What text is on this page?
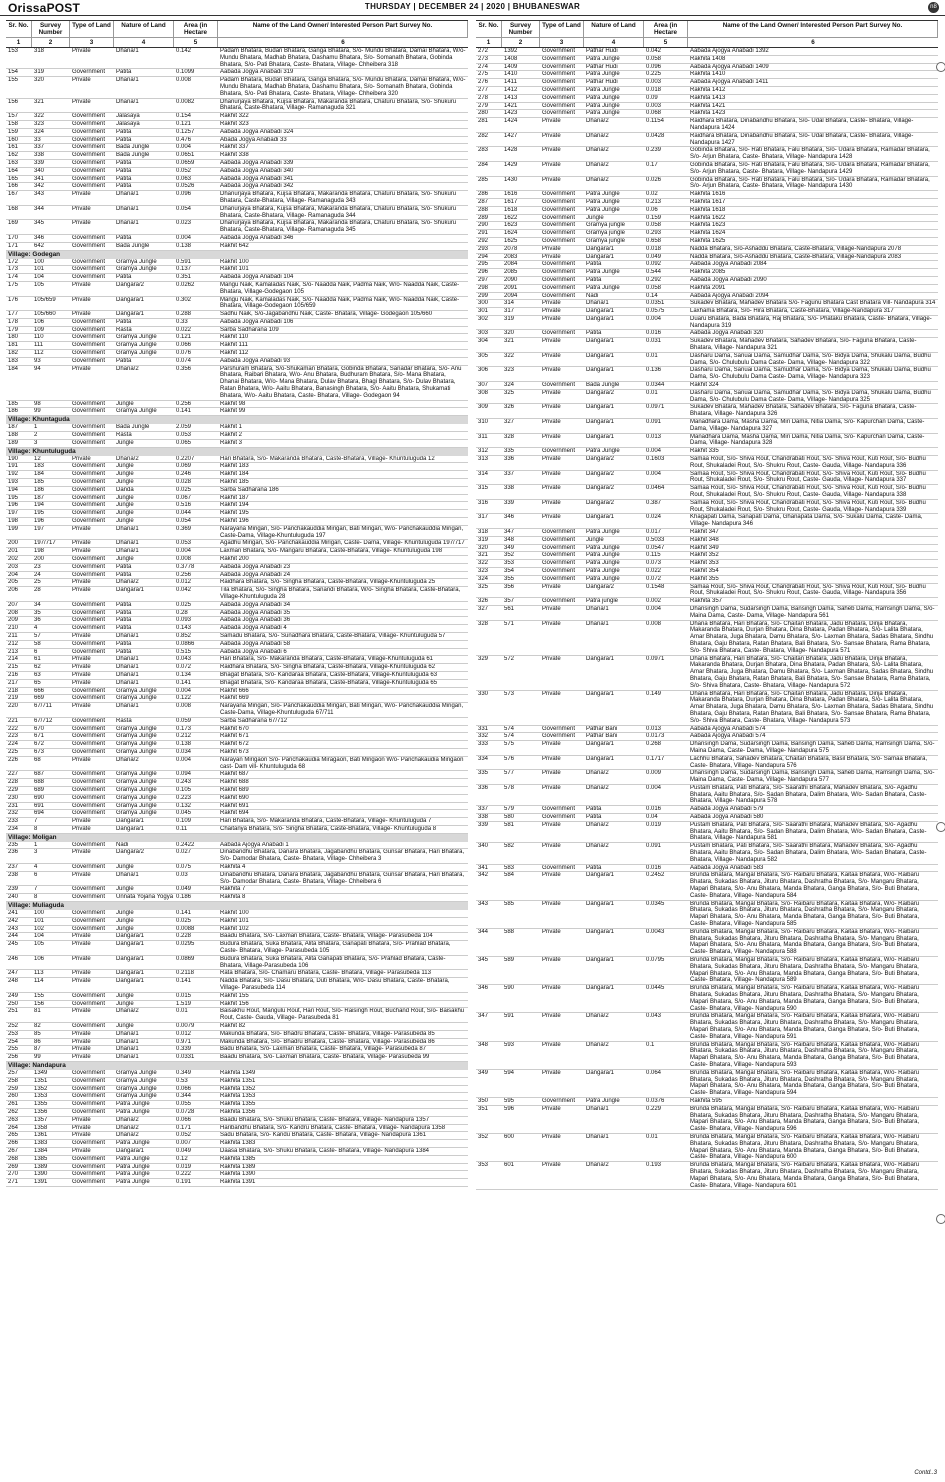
OrissaPOST	THURSDAY | DECEMBER 24 | 2020 | BHUBANESWAR	n8
Sr. No.	Survey Number
Type of Land	Nature of Land	Area (in Hectare
Name of the Land Owner/ Interested Person Part Survey No.
1	2	3	4	5	6
153	318	Private	Dhana/1	0.142	Padam Bhatara, Budan Bhatara, Ganga Bhatara, S/o- Mundu Bhatara, Damai Bhatara, W/o- Mundu Bhatara, Madhab Bhatara, Dashamu Bhatara, S/o- Somanath Bhatara, Gobinda Bhatara, S/o- Pati Bhatara, Caste- Bhatara, Village- Chheibera 318
154	319	Government	Patita	0.1099	Aabada Jogya Anabadi 319
155	320	Private	Dhana/1	0.008	Padam Bhatara, Budan Bhatara, Ganga Bhatara, S/o- Mundu Bhatara, Damai Bhatara, W/o- Mundu Bhatara, Madhab Bhatara, Dashamu Bhatara, S/o- Somanath Bhatara, Gobinda Bhatara, S/o- Pati Bhatara, Caste- Bhatara, Village- Chheibera 320
156	321	Private	Dhana/1	0.0082	Dhanurjaya Bhatara, Kujsa Bhatara, Makaranda Bhatara, Chaturu Bhatara, S/o- Shukuru Bhatara, Caste-Bhatara, Village- Ramanaguda 321
157	322	Government	Jalasaya	0.154	Rakhit 322
158	323	Government	Jalasaya	0.121	Rakhit 323
159	324	Government	Patita	0.1257	Aabada Jogya Anabadi 324
160	33	Government	Patita	0.476	Abada Jogya Anabadi 33
161	337	Government	Bada Jungle	0.004	Rakhit 337
162	338	Government	Bada Jungle	0.0651	Rakhit 338
163	339	Government	Patita	0.0659	Aabada Jogya Anabadi 339
164	340	Government	Patita	0.052	Aabada Jogya Anabadi 340
165	341	Government	Patita	0.063	Aabada Jogya Anabadi 341
166	342	Government	Patita	0.0526	Aabada Jogya Anabadi 342
167	343	Private	Dhana/1	0.096	Dhanurjaya Bhatara, Kujsa Bhatara, Makaranda Bhatara, Chaturu Bhatara, S/o- Shukuru Bhatara, Caste-Bhatara, Village- Ramanaguda 343
168	344	Private	Dhana/1	0.054	Dhanurjaya Bhatara, Kujsa Bhatara, Makaranda Bhatara, Chaturu Bhatara, S/o- Shukuru Bhatara, Caste-Bhatara, Village- Ramanaguda 344
169	345	Private	Dhana/1	0.023	Dhanurjaya Bhatara, Kujsa Bhatara, Makaranda Bhatara, Chaturu Bhatara, S/o- Shukuru Bhatara, Caste-Bhatara, Village- Ramanaguda 345
170	346	Government	Patita	0.004	Aabada Jogya Anabadi 346
171	642	Government	Bada Jungle	0.138	Rakhit 642
Village: Godegan
172	100	Government	Gramya Jungle	0.591	Rakhit 100
173	101	Government	Gramya Jungle	0.137	Rakhit 101
174	104	Government	Patita	0.351	Aabada Jogya Anabadi 104
175	105	Private	Dangara/2	0.0262	Mangu Naik, Kamaladas Naik, S/o- Naadda Naik, Padma Naik, W/o- Naadda Naik, Caste-Bhatara, Village-Godegaon 105
176	105/659	Private	Dangara/1	0.302	Mangu Naik, Kamaladas Naik, S/o- Naadda Naik, Padma Naik, W/o- Naadda Naik, Caste-Bhatara, Village-Godegaon 105/659
177	105/660	Private	Dangara/1	0.288	Sadhu Naik, S/o-Jagabandhu Naik, Caste- Bhatara, Village- Godegaon 105/660
178	106	Government	Patita	0.33	Aabada Jogya Anabadi 106
179	109	Government	Rasta	0.022	Sarba Sadharana 109
180	110	Government	Gramya Jungle	0.121	Rakhit 110
181	111	Government	Gramya Jungle	0.066	Rakhit 111
182	112	Government	Gramya Jungle	0.076	Rakhit 112
183	93	Government	Patita	0.074	Aabada Jogya Anabadi 93
184	94	Private	Dhana/2	0.356	Parshuram Bhatara, S/o-Shukaman Bhatara, Gobinda Bhatara, Sanadar Bhatara, S/o- Anu Bhatara, Raibari Bhatara, W/o- Anu Bhatara, Budhuram Bhatara, S/o- Mana Bhatara, Dhanai Bhatara, W/o- Mana Bhatara, Dulav Bhatara, Bhagi Bhatara, S/o- Dulav Bhatara, Ratan Bhatara, W/o- Aaitu Bhatara, Banasingh Bhatara, S/o- Aaitu Bhatara, Shukamati Bhatara, W/o- Aaitu Bhatara, Caste- Bhatara, Village- Godegaon 94
185	98	Government	Jungle	0.256	Rakhit 98
186	99	Government	Gramya Jungle	0.141	Rakhit 99
Village: Khuntaguda
187	1	Government	Bada Jungle	2.059	Rakhit 1
188	2	Government	Rasta	0.053	Rakhit 2
189	3	Government	Jungle	0.065	Rakhit 3
Village: Khuntuluguda
190	12	Private	Dhana/2	0.2207	Hari Bhatara, S/o- Makaranda Bhatara, Caste-Bhatara, Village- Khuntuluguda 12
191	183	Government	Jungle	0.069	Rakhit 183
192	184	Government	Jungle	0.246	Rakhit 184
193	185	Government	Jungle	0.028	Rakhit 185
194	186	Government	Danda	0.025	Sarba Sadharana 186
195	187	Government	Jungle	0.067	Rakhit 187
196	194	Government	Jungle	0.516	Rakhit 194
197	195	Government	Jungle	0.044	Rakhit 195
198	196	Government	Jungle	0.054	Rakhit 196
199	197	Private	Dhana/1	0.369	Narayana Mirigan, S/o- Panchakauddia Mirigan, Bati Mirigan, W/o- Panchakauddia Mirigan, Caste-Dama, Village-Khuntuluguda 197
200	197/717	Private	Dhana/1	0.053	Agadhu Mirigan, S/o- Panchakauddia Mirigan, Caste- Dama, Village- Khuntuluguda 197/717
201	198	Private	Dhana/1	0.004	Laxman Bhatara, S/o- Mangaru Bhatara, Caste-Bhatara, Village- Khuntuluguda 198
202	200	Government	Jungle	0.008	Rakhit 200
203	23	Government	Patita	0.3778	Aabada Jogya Anabadi 23
204	24	Government	Patita	0.256	Aabada Jogya Anabadi 24
205	25	Private	Dhana/2	0.012	Raidhara Bhatara, S/o- Singha Bhatara, Caste-Bhatara, Village-Khuntuluguda 25
206	28	Private	Dangara/1	0.042	Tila Bhatara, S/o- Singha Bhatara, Sanandi Bhatara, W/o- Singha Bhatara, Caste-Bhatara, Village-Khuntuluguda 28
207	34	Government	Patita	0.025	Aabada Jogya Anabadi 34
208	35	Government	Patita	0.28	Aabada Jogya Anabadi 35
209	36	Government	Patita	0.093	Aabada Jogya Anabadi 36
210	4	Government	Patita	0.143	Aabada Jogya Anabadi 4
211	57	Private	Dhana/1	0.852	Samadu Bhatara, S/o- Sunadhara Bhatara, Caste-Bhatara, Village- Khuntuluguda 57
212	58	Government	Patita	0.0866	Aabada Jogya Anabadi 58
213	6	Government	Patita	0.515	Aabada Jogya Anabadi 6
214	61	Private	Dhana/1	0.043	Hari Bhatara, S/o- Makaranda Bhatara, Caste-Bhatara, Village-Khuntuluguda 61
215	62	Private	Dhana/1	0.072	Raidhara Bhatara, S/o- Singha Bhatara, Caste-Bhatara, Village-Khuntuluguda 62
216	63	Private	Dhana/1	0.134	Bhagat Bhatara, S/o- Kandaraa Bhatara, Caste-Bhatara, Village-Khuntuluguda 63
217	65	Private	Dhana/1	0.141	Bhagat Bhatara, S/o- Kandaraa Bhatara, Caste-Bhatara, Village-Khuntuluguda 65
218	666	Government	Gramya Jungle	0.004	Rakhit 666
219	669	Government	Gramya Jungle	0.122	Rakhit 669
220	67/711	Private	Dhana/1	0.008	Narayana Mirigan, S/o- Panchakauddia Mirigan, Bati Mirigan, W/o- Panchakauddia Mirigan, Caste-Dama, Village-Khuntuluguda 67/711
221	67/712	Government	Rasta	0.059	Sarba Sadharana 67/712
222	670	Government	Gramya Jungle	0.173	Rakhit 670
223	671	Government	Gramya Jungle	0.212	Rakhit 671
224	672	Government	Gramya Jungle	0.138	Rakhit 672
225	673	Government	Gramya Jungle	0.034	Rakhit 673
226	68	Private	Dhana/2	0.004	Narayan Mirigaon S/o- Panchakaudia Miragaon, Bati Mirigaon W/o- Panchakaudia Mirigaon cast- Dam vill- Khuntuluguda 68
227	687	Government	Gramya Jungle	0.094	Rakhit 687
228	688	Government	Gramya Jungle	0.243	Rakhit 688
229	689	Government	Gramya Jungle	0.105	Rakhit 689
230	690	Government	Gramya Jungle	0.223	Rakhit 690
231	691	Government	Gramya Jungle	0.132	Rakhit 691
232	694	Government	Gramya Jungle	0.045	Rakhit 694
233	7	Private	Dangara/1	0.109	Hari Bhatara, S/o- Makaranda Bhatara, Caste-Bhatara, Village- Khuntuluguda 7
234	8	Private	Dangara/1	0.11	Chaitanya Bhatara, S/o- Singha Bhatara, Caste-Bhatara, Village- Khuntuluguda 8
Village: Moligan
235	1	Government	Nadi	0.2422	Aabada Ajogya Anabadi 1
236	3	Private	Dangara/2	0.027	Dinabandhu Bhatara, Danara Bhatara, Jagabandhu Bhatara, Gunsar Bhatara, Hari Bhatara, S/o- Damodar Bhatara, Caste- Bhatara, Village- Chheibera 3
237	4	Government	Jungle	0.075	Rakhita 4
238	6	Private	Dhana/1	0.03	Dinabandhu Bhatara, Danara Bhatara, Jagabandhu Bhatara, Gunsar Bhatara, Hari Bhatara, S/o- Damodar Bhatara, Caste- Bhatara, Village- Chheibera 6
239	7	Government	Jungle	0.049	Rakhita 7
240	8	Government	Unnata Yojana Yogya 0.186	Rakhita 8
Village: Muliaguda
241	100	Government	Jungle	0.141	Rakhit 100
242	101	Government	Jungle	0.025	Rakhit 101
243	102	Government	Jungle	0.0088	Rakhit 102
244	104	Private	Dangara/1	0.228	Baadu Bhatara, S/o- Laxman Bhatara, Caste- Bhatara, Village- Parasubeda 104
245	105	Private	Dangara/1	0.0295	Budura Bhatara, Suka Bhatara, Alita Bhatara, Ganapati Bhatara, S/o- Prahlad Bhatara, Caste- Bhatara, Village- Parasubeda 105
246	106	Private	Dangara/1	0.0869	Budura Bhatara, Suka Bhatara, Alita Ganapati Bhatara, S/o- Prahlad Bhatara, Caste- Bhatara, Village-Parasubeda 106
247	113	Private	Dangara/1	0.2118	Rata Bhatara, S/o- Chamaru Bhatara, Caste- Bhatara, Village- Parasubeda 113
248	114	Private	Dangara/1	0.141	Nadda Bhatara, S/o- Dasu Bhatara, Duti Bhatara, W/o- Dasu Bhatara, Caste- Bhatara, Village- Parasubeda 114
249	155	Government	Jungle	0.015	Rakhit 155
250	156	Government	Jungle	1.519	Rakhit 156
251	81	Private	Dhana/2	0.01	Baisakhu Rout, Mangulu Rout, Hari Rout, S/o- Raisingh Rout, Buchand Rout, S/o- Baisakhu Rout, Caste- Gauda, Village- Parasubeda 81
252	82	Government	Jungle	0.0079	Rakhit 82
253	85	Private	Dhana/1	0.012	Makunda Bhatara, S/o- Bhadru Bhatara, Caste- Bhatara, Village- Parasubeda 85
254	86	Private	Dhana/1	0.971	Makunda Bhatara, S/o- Bhadru Bhatara, Caste- Bhatara, Village- Parasubeda 86
255	87	Private	Dhana/1	0.339	Badu Bhatara, S/o- Laxman Bhatara, Caste- Bhatara, Village- Parasubeda 87
256	99	Private	Dhana/1	0.0331	Baadu Bhatara, S/o- Laxman Bhatara, Caste- Bhatara, Village- Parasubeda 99
Village: Nandapura
257	1349	Government	Gramya Jungle	0.349	Rakhita 1349
258	1351	Government	Gramya Jungle	0.53	Rakhita 1351
259	1352	Government	Gramya Jungle	0.066	Rakhita 1352
260	1353	Government	Gramya Jungle	0.344	Rakhita 1353
261	1355	Government	Patra Jungle	0.055	Rakhita 1355
262	1356	Government	Patra Jungle	0.0728	Rakhita 1356
263	1357	Private	Dhana/2	0.066	Baadu Bhatara, S/o- Shuku Bhatara, Caste- Bhatara, Village- Nandapura 1357
264	1358	Private	Dhana/2	0.171	Haribandhu Bhatara, S/o- Kandru Bhatara, Caste- Bhatara, Village- Nandapura 1358
265	1361	Private	Dhana/2	0.052	Sadu Bhatara, S/o- Kandu Bhatara, Caste- Bhatara, Village- Nandapura 1361
266	1383	Government	Patra Jungle	0.007	Rakhita 1383
267	1384	Private	Dangara/1	0.049	Daasa Bhatara, S/o- Shuku Bhatara, Caste- Bhatara, Village- Nandapura 1384
268	1385	Government	Patra Jungle	0.12	Rakhita 1385
269	1389	Government	Patra Jungle	0.019	Rakhita 1389
270	1390	Government	Patra Jungle	0.222	Rakhita 1390
271	1391	Government	Patra Jungle	0.191	Rakhita 1391
Sr. No.	Survey Number
Type of Land	Nature of Land	Area (in Hectare
Name of the Land Owner/ Interested Person Part Survey No.
1	2	3	4	5	6
272	1392	Government	Pathar Hudi	0.042	Aabada Ajogya Anabadi 1392
273	1408	Government	Patra Jungle	0.058	Rakhita 1408
274	1409	Government	Pathar Hudi	0.096	Aabada Ajogya Anabadi 1409
275	1410	Government	Patra Jungle	0.225	Rakhita 1410
276	1411	Government	Pathar Hudi	0.003	Aabada Ajogya Anabadi 1411
277	1412	Government	Patra Jungle	0.018	Rakhita 1412
278	1413	Government	Patra Jungle	0.09	Rakhita 1413
279	1421	Government	Patra Jungle	0.003	Rakhita 1421
280	1423	Government	Patra Jungle	0.068	Rakhita 1423
281	1424	Private	Dhana/2	0.1154	Raidhara Bhatara, Dinabandhu Bhatara, S/o- Udal Bhatara, Caste- Bhatara, Village- Nandapura 1424
282	1427	Private	Dhana/2	0.0428	Raidhara Bhatara, Dinabandhu Bhatara, S/o- Udal Bhatara, Caste- Bhatara, Village- Nandapura 1427
283	1428	Private	Dhana/2	0.239	Gobinda Bhatara, S/o- Rati Bhatara, Falu Bhatara, S/o- Udara Bhatara, Ramadar Bhatara, S/o- Arjun Bhatara, Caste- Bhatara, Village- Nandapura 1428
284	1429	Private	Dhana/2	0.17	Gobinda Bhatara, S/o- Rati Bhatara, Falu Bhatara, S/o- Udara Bhatara, Ramadar Bhatara, S/o- Arjun Bhatara, Caste- Bhatara, Village- Nandapura 1429
285	1430	Private	Dhana/2	0.026	Gobinda Bhatara, S/o- Rati Bhatara, Falu Bhatara, S/o- Udara Bhatara, Ramadar Bhatara, S/o- Arjun Bhatara, Caste- Bhatara, Village- Nandapura 1430
286	1616	Government	Patra Jungle	0.02	Rakhita 1616
287	1617	Government	Patra Jungle	0.213	Rakhita 1617
288	1618	Government	Patra Jungle	0.06	Rakhita 1618
289	1622	Government	Jungle	0.159	Rakhita 1622
290	1623	Government	Gramya jungle	0.058	Rakhita 1623
291	1624	Government	Gramya jungle	0.293	Rakhita 1624
292	1625	Government	Gramya jungle	0.658	Rakhita 1625
293	2078	Private	Dangara/1	0.018	Nadda Bhatara, S/o-Ashaddu Bhatara, Caste-Bhatara, Village-Nandapura 2078
294	2083	Private	Dangara/1	0.049	Nadda Bhatara, S/o-Ashaddu Bhatara, Caste-Bhatara, Village-Nandapura 2083
295	2084	Government	Patita	0.092	Aabada Jogya Anabadi 2084
296	2085	Government	Patra Jungle	0.544	Rakhita 2085
297	2090	Government	Patita	0.292	Aabada Jogya Anabadi 2090
298	2091	Government	Patra Jungle	0.058	Rakhita 2091
299	2094	Government	Nadi	0.14	Aabada Ajogya Anabadi 2094
300	314	Private	Dhana/1	0.0351	Sukadev Bhatara, Mahadev Bhatara S/o- Fagunu Bhatara Cast Bhatara Vill- Nandapura 314
301	317	Private	Dangara/1	0.0575	Laxhama Bhatara, S/o- Hira Bhatara, Caste-Bhatara, Village-Nandapura 317
302	319	Private	Dangara/1	0.004	Duaru Bhatara, Bada Bhatara, Raj Bhatara, S/o- Phataku Bhatara, Caste- Bhatara, Village- Nandapura 319
303	320	Government	Patita	0.016	Aabada Jogya Anabadi 320
304	321	Private	Dangara/1	0.031	Sukadev Bhatara, Mahadev Bhatara, Sahadev Bhatara, S/o- Faguna Bhatara, Caste- Bhatara, Village- Nandapura 321
305	322	Private	Dangara/1	0.01	Dasharu Dama, Sanuai Dama, Samudhar Dama, S/o- Bidya Dama, Shukalu Dama, Budhu Dama, S/o- Chulubulu Dama Caste- Dama, Village- Nandapura 322
306	323	Private	Dangara/1	0.136	Dasharu Dama, Sanuai Dama, Samudhar Dama, S/o- Bidya Dama, Shukalu Dama, Budhu Dama, S/o- Chulubulu Dama Caste- Dama, Village- Nandapura 323
307	324	Government	Bada Jungle	0.0344	Rakhit 324
308	325	Private	Dangara/2	0.01	Dasharu Dama, Sanuai Dama, Samudhar Dama, S/o- Bidya Dama, Shukalu Dama, Budhu Dama, S/o- Chulubulu Dama Caste- Dama, Village- Nandapura 325
309	326	Private	Dangara/1	0.0971	Sukadev Bhatara, Mahadev Bhatara, Sahadev Bhatara, S/o- Faguna Bhatara, Caste- Bhatara, Village- Nandapura 326
310	327	Private	Dangara/1	0.091	Manadhara Dama, Masha Dama, Miri Dama, Nitia Dama, S/o- Kapurchan Dama, Caste- Dama, Village- Nandapura 327
311	328	Private	Dangara/1	0.013	Manadhara Dama, Masha Dama, Miri Dama, Nitia Dama, S/o- Kapurchan Dama, Caste- Dama, Village- Nandapura 328
312	335	Government	Patra Jungle	0.004	Rakhit 335
313	336	Private	Dangara/2	0.1603	Samaa Rout, S/o- Shiva Rout, Chandrabati Rout, S/o- Shiva Rout, Kuti Rout, S/o- Budhu Rout, Shukaladei Rout, S/o- Shukru Rout, Caste- Gauda, Village- Nandapura 336
314	337	Private	Dangara/2	0.004	Samaa Rout, S/o- Shiva Rout, Chandrabati Rout, S/o- Shiva Rout, Kuti Rout, S/o- Budhu Rout, Shukaladei Rout, S/o- Shukru Rout, Caste- Gauda, Village- Nandapura 337
315	338	Private	Dangara/2	0.0464	Samaa Rout, S/o- Shiva Rout, Chandrabati Rout, S/o- Shiva Rout, Kuti Rout, S/o- Budhu Rout, Shukaladei Rout, S/o- Shukru Rout, Caste- Gauda, Village- Nandapura 338
316	339	Private	Dangara/2	0.387	Samaa Rout, S/o- Shiva Rout, Chandrabati Rout, S/o- Shiva Rout, Kuti Rout, S/o- Budhu Rout, Shukaladei Rout, S/o- Shukru Rout, Caste- Gauda, Village- Nandapura 339
317	346	Private	Dangara/1	0.024	Khagapati Dama, Sanapati Dama, Ghanapata Dama, S/o- Sukalu Dama, Caste- Dama, Village- Nandapura 346
318	347	Government	Patra Jungle	0.017	Rakhit 347
319	348	Government	Jungle	0.5033	Rakhit 348
320	349	Government	Patra Jungle	0.0547	Rakhit 349
321	352	Government	Patra Jungle	0.115	Rakhit 352
322	353	Government	Patra Jungle	0.073	Rakhit 353
323	354	Government	Patra Jungle	0.022	Rakhit 354
324	355	Government	Patra Jungle	0.072	Rakhit 355
325	356	Private	Dangara/2	0.1548	Samaa Rout, S/o- Shiva Rout, Chandrabati Rout, S/o- Shiva Rout, Kuti Rout, S/o- Budhu Rout, Shukaladei Rout, S/o- Shukru Rout, Caste- Gauda, Village- Nandapura 356
326	357	Government	Patra jungle	0.002	Rakhita 357
327	561	Private	Dhana/1	0.004	Dhansingh Dama, Sudarsingh Dama, Bansingh Dama, Saheb Dama, Ramsingh Dama, S/o- Maina Dama, Caste- Dama, Village- Nandapura 561
328	571	Private	Dhana/1	0.008	Dhana Bhatara, Hari Bhatara, S/o- Chaitan Bhatara, Jadu Bhatara, Dirija Bhatara, Makaranda Bhatara, Durjan Bhatara, Dina Bhatara, Padan Bhatara, S/o- Lalita Bhatara, Amar Bhatara, Juga Bhatara, Damu Bhatara, S/o- Laxman Bhatara, Sadas Bhatara, Sindhu Bhatara, Gaju Bhatara, Ratan Bhatara, Bali Bhatara, S/o- Sansae Bhatara, Rama Bhatara, S/o- Shiva Bhatara, Caste- Bhatara, Village- Nandapura 571
329	572	Private	Dangara/1	0.0971	Dhana Bhatara, Hari Bhatara, S/o- Chaitan Bhatara, Jadu Bhatara, Dirija Bhatara, Makaranda Bhatara, Durjan Bhatara, Dina Bhatara, Padan Bhatara, S/o- Lalita Bhatara, Amar Bhatara, Juga Bhatara, Damu Bhatara, S/o- Laxman Bhatara, Sadas Bhatara, Sindhu Bhatara, Gaju Bhatara, Ratan Bhatara, Bali Bhatara, S/o- Sansae Bhatara, Rama Bhatara, S/o- Shiva Bhatara, Caste- Bhatara, Village- Nandapura 572
330	573	Private	Dangara/1	0.149	Dhana Bhatara, Hari Bhatara, S/o- Chaitan Bhatara, Jadu Bhatara, Dirija Bhatara, Makaranda Bhatara, Durjan Bhatara, Dina Bhatara, Padan Bhatara, S/o- Lalita Bhatara, Amar Bhatara, Juga Bhatara, Damu Bhatara, S/o- Laxman Bhatara, Sadas Bhatara, Sindhu Bhatara, Gaju Bhatara, Ratan Bhatara, Bali Bhatara, S/o- Sansae Bhatara, Rama Bhatara, S/o- Shiva Bhatara, Caste- Bhatara, Village- Nandapura 573
331	574	Government	Pathar Bani	0.013	Aabada Ajogya Anabadi 574
332	574	Government	Pathar Bani	0.0173	Aabada Ajogya Anabadi 574
333	575	Private	Dangara/1	0.268	Dhansingh Dama, Sudarsingh Dama, Bansingh Dama, Saheb Dama, Ramsingh Dama, S/o- Maina Dama, Caste- Dama, Village- Nandapura 575
334	576	Private	Dangara/1	0.1717	Lachhu Bhatara, Sahadev Bhatara, Chaitan Bhatara, Basil Bhatara, S/o- Samaa Bhatara, Caste- Bhatara, Village- Nandapura 576
335	577	Private	Dhana/2	0.009	Dhansingh Dama, Sudarsingh Dama, Bansingh Dama, Saheb Dama, Ramsingh Dama, S/o- Maina Dama, Caste- Dama, Village- Nandapura 577
336	578	Private	Dhana/2	0.004	Pustam Bhatara, Pati Bhatara, S/o- Saarathi Bhatara, Mahadev Bhatara, S/o- Agadhu Bhatara, Aaitu Bhatara, S/o- Sadan Bhatara, Dalim Bhatara, W/o- Sadan Bhatara, Caste- Bhatara, Village- Nandapura 578
337	579	Government	Patita	0.016	Aabada Jogya Anabadi 579
338	580	Government	Patita	0.04	Aabada Jogya Anabadi 580
339	581	Private	Dhana/2	0.019	Pustam Bhatara, Pati Bhatara, S/o- Saarathi Bhatara, Mahadev Bhatara, S/o- Agadhu Bhatara, Aaitu Bhatara, S/o- Sadan Bhatara, Dalim Bhatara, W/o- Sadan Bhatara, Caste- Bhatara, Village- Nandapura 581
340	582	Private	Dhana/2	0.091	Pustam Bhatara, Pati Bhatara, S/o- Saarathi Bhatara, Mahadev Bhatara, S/o- Agadhu Bhatara, Aaitu Bhatara, S/o- Sadan Bhatara, Dalim Bhatara, W/o- Sadan Bhatara, Caste- Bhatara, Village- Nandapura 582
341	583	Government	Patita	0.016	Aabada Jogya Anabadi 583
342	584	Private	Dangara/1	0.2452	Brunda Bhatara, Mangal Bhatara, S/o- Raibaru Bhatara, Kaitaa Bhatara, W/o- Raibaru Bhatara, Sukadas Bhatara, Jituru Bhatara, Dashratha Bhatara, S/o- Mangaru Bhatara, Mapari Bhatara, S/o- Anu Bhatara, Manda Bhatara, Ganga Bhatara, S/o- Buti Bhatara, Caste- Bhatara, Village- Nandapura 584
343	585	Private	Dangara/1	0.0345	Brunda Bhatara, Mangal Bhatara, S/o- Raibaru Bhatara, Kaitaa Bhatara, W/o- Raibaru Bhatara, Sukadas Bhatara, Jituru Bhatara, Dashratha Bhatara, S/o- Mangaru Bhatara, Mapari Bhatara, S/o- Anu Bhatara, Manda Bhatara, Ganga Bhatara, S/o- Buti Bhatara, Caste- Bhatara, Village- Nandapura 585
344	588	Private	Dangara/1	0.0043	Brunda Bhatara, Mangal Bhatara, S/o- Raibaru Bhatara, Kaitaa Bhatara, W/o- Raibaru Bhatara, Sukadas Bhatara, Jituru Bhatara, Dashratha Bhatara, S/o- Mangaru Bhatara, Mapari Bhatara, S/o- Anu Bhatara, Manda Bhatara, Ganga Bhatara, S/o- Buti Bhatara, Caste- Bhatara, Village- Nandapura 588
345	589	Private	Dangara/1	0.0795	Brunda Bhatara, Mangal Bhatara, S/o- Raibaru Bhatara, Kaitaa Bhatara, W/o- Raibaru Bhatara, Sukadas Bhatara, Jituru Bhatara, Dashratha Bhatara, S/o- Mangaru Bhatara, Mapari Bhatara, S/o- Anu Bhatara, Manda Bhatara, Ganga Bhatara, S/o- Buti Bhatara, Caste- Bhatara, Village- Nandapura 589
346	590	Private	Dangara/1	0.0445	Brunda Bhatara, Mangal Bhatara, S/o- Raibaru Bhatara, Kaitaa Bhatara, W/o- Raibaru Bhatara, Sukadas Bhatara, Jituru Bhatara, Dashratha Bhatara, S/o- Mangaru Bhatara, Mapari Bhatara, S/o- Anu Bhatara, Manda Bhatara, Ganga Bhatara, S/o- Buti Bhatara, Caste- Bhatara, Village- Nandapura 590
347	591	Private	Dhana/2	0.043	Brunda Bhatara, Mangal Bhatara, S/o- Raibaru Bhatara, Kaitaa Bhatara, W/o- Raibaru Bhatara, Sukadas Bhatara, Jituru Bhatara, Dashratha Bhatara, S/o- Mangaru Bhatara, Mapari Bhatara, S/o- Anu Bhatara, Manda Bhatara, Ganga Bhatara, S/o- Buti Bhatara, Caste- Bhatara, Village- Nandapura 591
348	593	Private	Dhana/2	0.1	Brunda Bhatara, Mangal Bhatara, S/o- Raibaru Bhatara, Kaitaa Bhatara, W/o- Raibaru Bhatara, Sukadas Bhatara, Jituru Bhatara, Dashratha Bhatara, S/o- Mangaru Bhatara, Mapari Bhatara, S/o- Anu Bhatara, Manda Bhatara, Ganga Bhatara, S/o- Buti Bhatara, Caste- Bhatara, Village- Nandapura 593
349	594	Private	Dangara/1	0.064	Brunda Bhatara, Mangal Bhatara, S/o- Raibaru Bhatara, Kaitaa Bhatara, W/o- Raibaru Bhatara, Sukadas Bhatara, Jituru Bhatara, Dashratha Bhatara, S/o- Mangaru Bhatara, Mapari Bhatara, S/o- Anu Bhatara, Manda Bhatara, Ganga Bhatara, S/o- Buti Bhatara, Caste- Bhatara, Village- Nandapura 594
350	595	Government	Patra Jungle	0.0376	Rakhita 595
351	596	Private	Dhana/1	0.229	Brunda Bhatara, Mangal Bhatara, S/o- Raibaru Bhatara, Kaitaa Bhatara, W/o- Raibaru Bhatara, Sukadas Bhatara, Jituru Bhatara, Dashratha Bhatara, S/o- Mangaru Bhatara, Mapari Bhatara, S/o- Anu Bhatara, Manda Bhatara, Ganga Bhatara, S/o- Buti Bhatara, Caste- Bhatara, Village- Nandapura 596
352	600	Private	Dhana/1	0.01	Brunda Bhatara, Mangal Bhatara, S/o- Raibaru Bhatara, Kaitaa Bhatara, W/o- Raibaru Bhatara, Sukadas Bhatara, Jituru Bhatara, Dashratha Bhatara, S/o- Mangaru Bhatara, Mapari Bhatara, S/o- Anu Bhatara, Manda Bhatara, Ganga Bhatara, S/o- Buti Bhatara, Caste- Bhatara, Village- Nandapura 600
353	601	Private	Dhana/2	0.193	Brunda Bhatara, Mangal Bhatara, S/o- Raibaru Bhatara, Kaitaa Bhatara, W/o- Raibaru Bhatara, Sukadas Bhatara, Jituru Bhatara, Dashratha Bhatara, S/o- Mangaru Bhatara, Mapari Bhatara, S/o- Anu Bhatara, Manda Bhatara, Ganga Bhatara, S/o- Buti Bhatara, Caste- Bhatara, Village- Nandapura 601
Contd..3
